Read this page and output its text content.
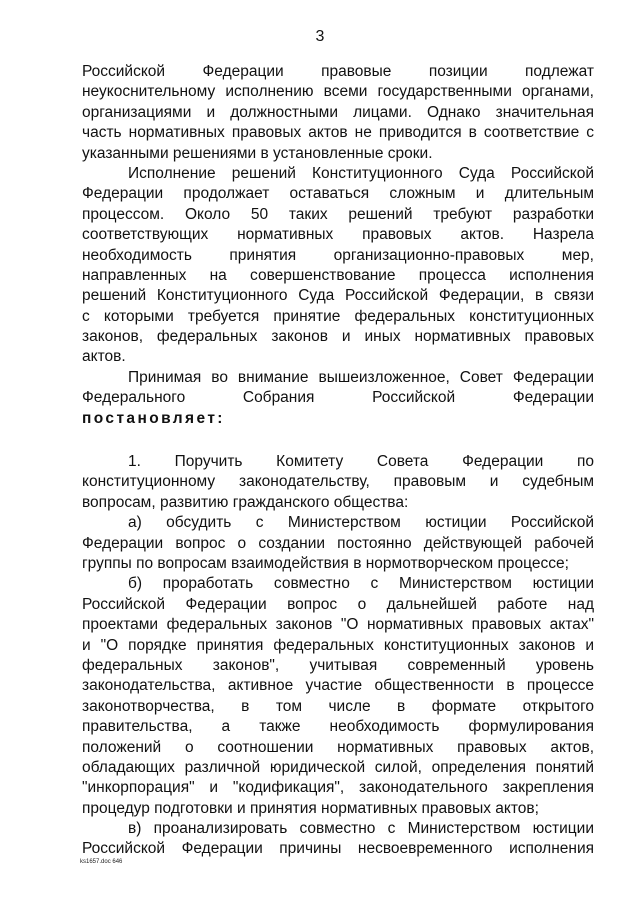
3
Российской Федерации правовые позиции подлежат
неукоснительному исполнению всеми государственными органами,
организациями и должностными лицами. Однако значительная
часть нормативных правовых актов не приводится в соответствие с
указанными решениями в установленные сроки.
Исполнение решений Конституционного Суда Российской
Федерации продолжает оставаться сложным и длительным
процессом. Около 50 таких решений требуют разработки
соответствующих нормативных правовых актов. Назрела
необходимость принятия организационно-правовых мер,
направленных на совершенствование процесса исполнения
решений Конституционного Суда Российской Федерации, в связи
с которыми требуется принятие федеральных конституционных
законов, федеральных законов и иных нормативных правовых
актов.
Принимая во внимание вышеизложенное, Совет Федерации
Федерального Собрания Российской Федерации
постановляет:
1. Поручить Комитету Совета Федерации по
конституционному законодательству, правовым и судебным
вопросам, развитию гражданского общества:
а) обсудить с Министерством юстиции Российской
Федерации вопрос о создании постоянно действующей рабочей
группы по вопросам взаимодействия в нормотворческом процессе;
б) проработать совместно с Министерством юстиции
Российской Федерации вопрос о дальнейшей работе над
проектами федеральных законов "О нормативных правовых актах"
и "О порядке принятия федеральных конституционных законов и
федеральных законов", учитывая современный уровень
законодательства, активное участие общественности в процессе
законотворчества, в том числе в формате открытого
правительства, а также необходимость формулирования
положений о соотношении нормативных правовых актов,
обладающих различной юридической силой, определения понятий
"инкорпорация" и "кодификация", законодательного закрепления
процедур подготовки и принятия нормативных правовых актов;
в) проанализировать совместно с Министерством юстиции
Российской Федерации причины несвоевременного исполнения
ks1657.doc 646
